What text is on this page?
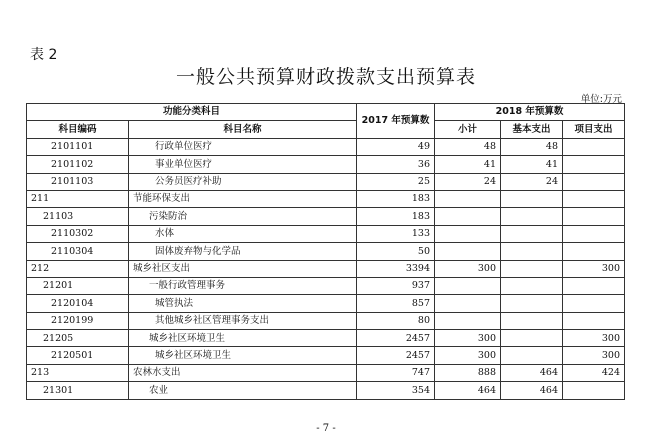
表 2
一般公共预算财政拨款支出预算表
单位:万元
功能分类科目		2017 年预算数	2018 年预算数		
科目编码	科目名称		小计	基本支出	项目支出
2101101	行政单位医疗	49	48	48	
2101102	事业单位医疗	36	41	41	
2101103	公务员医疗补助	25	24	24	
211	节能环保支出	183			
21103	污染防治	183			
2110302	水体	133			
2110304	固体废弃物与化学品	50			
212	城乡社区支出	3394	300		300
21201	一般行政管理事务	937			
2120104	城管执法	857			
2120199	其他城乡社区管理事务支出	80			
21205	城乡社区环境卫生	2457	300		300
2120501	城乡社区环境卫生	2457	300		300
213	农林水支出	747	888	464	424
21301	农业	354	464	464	
- 7 -
